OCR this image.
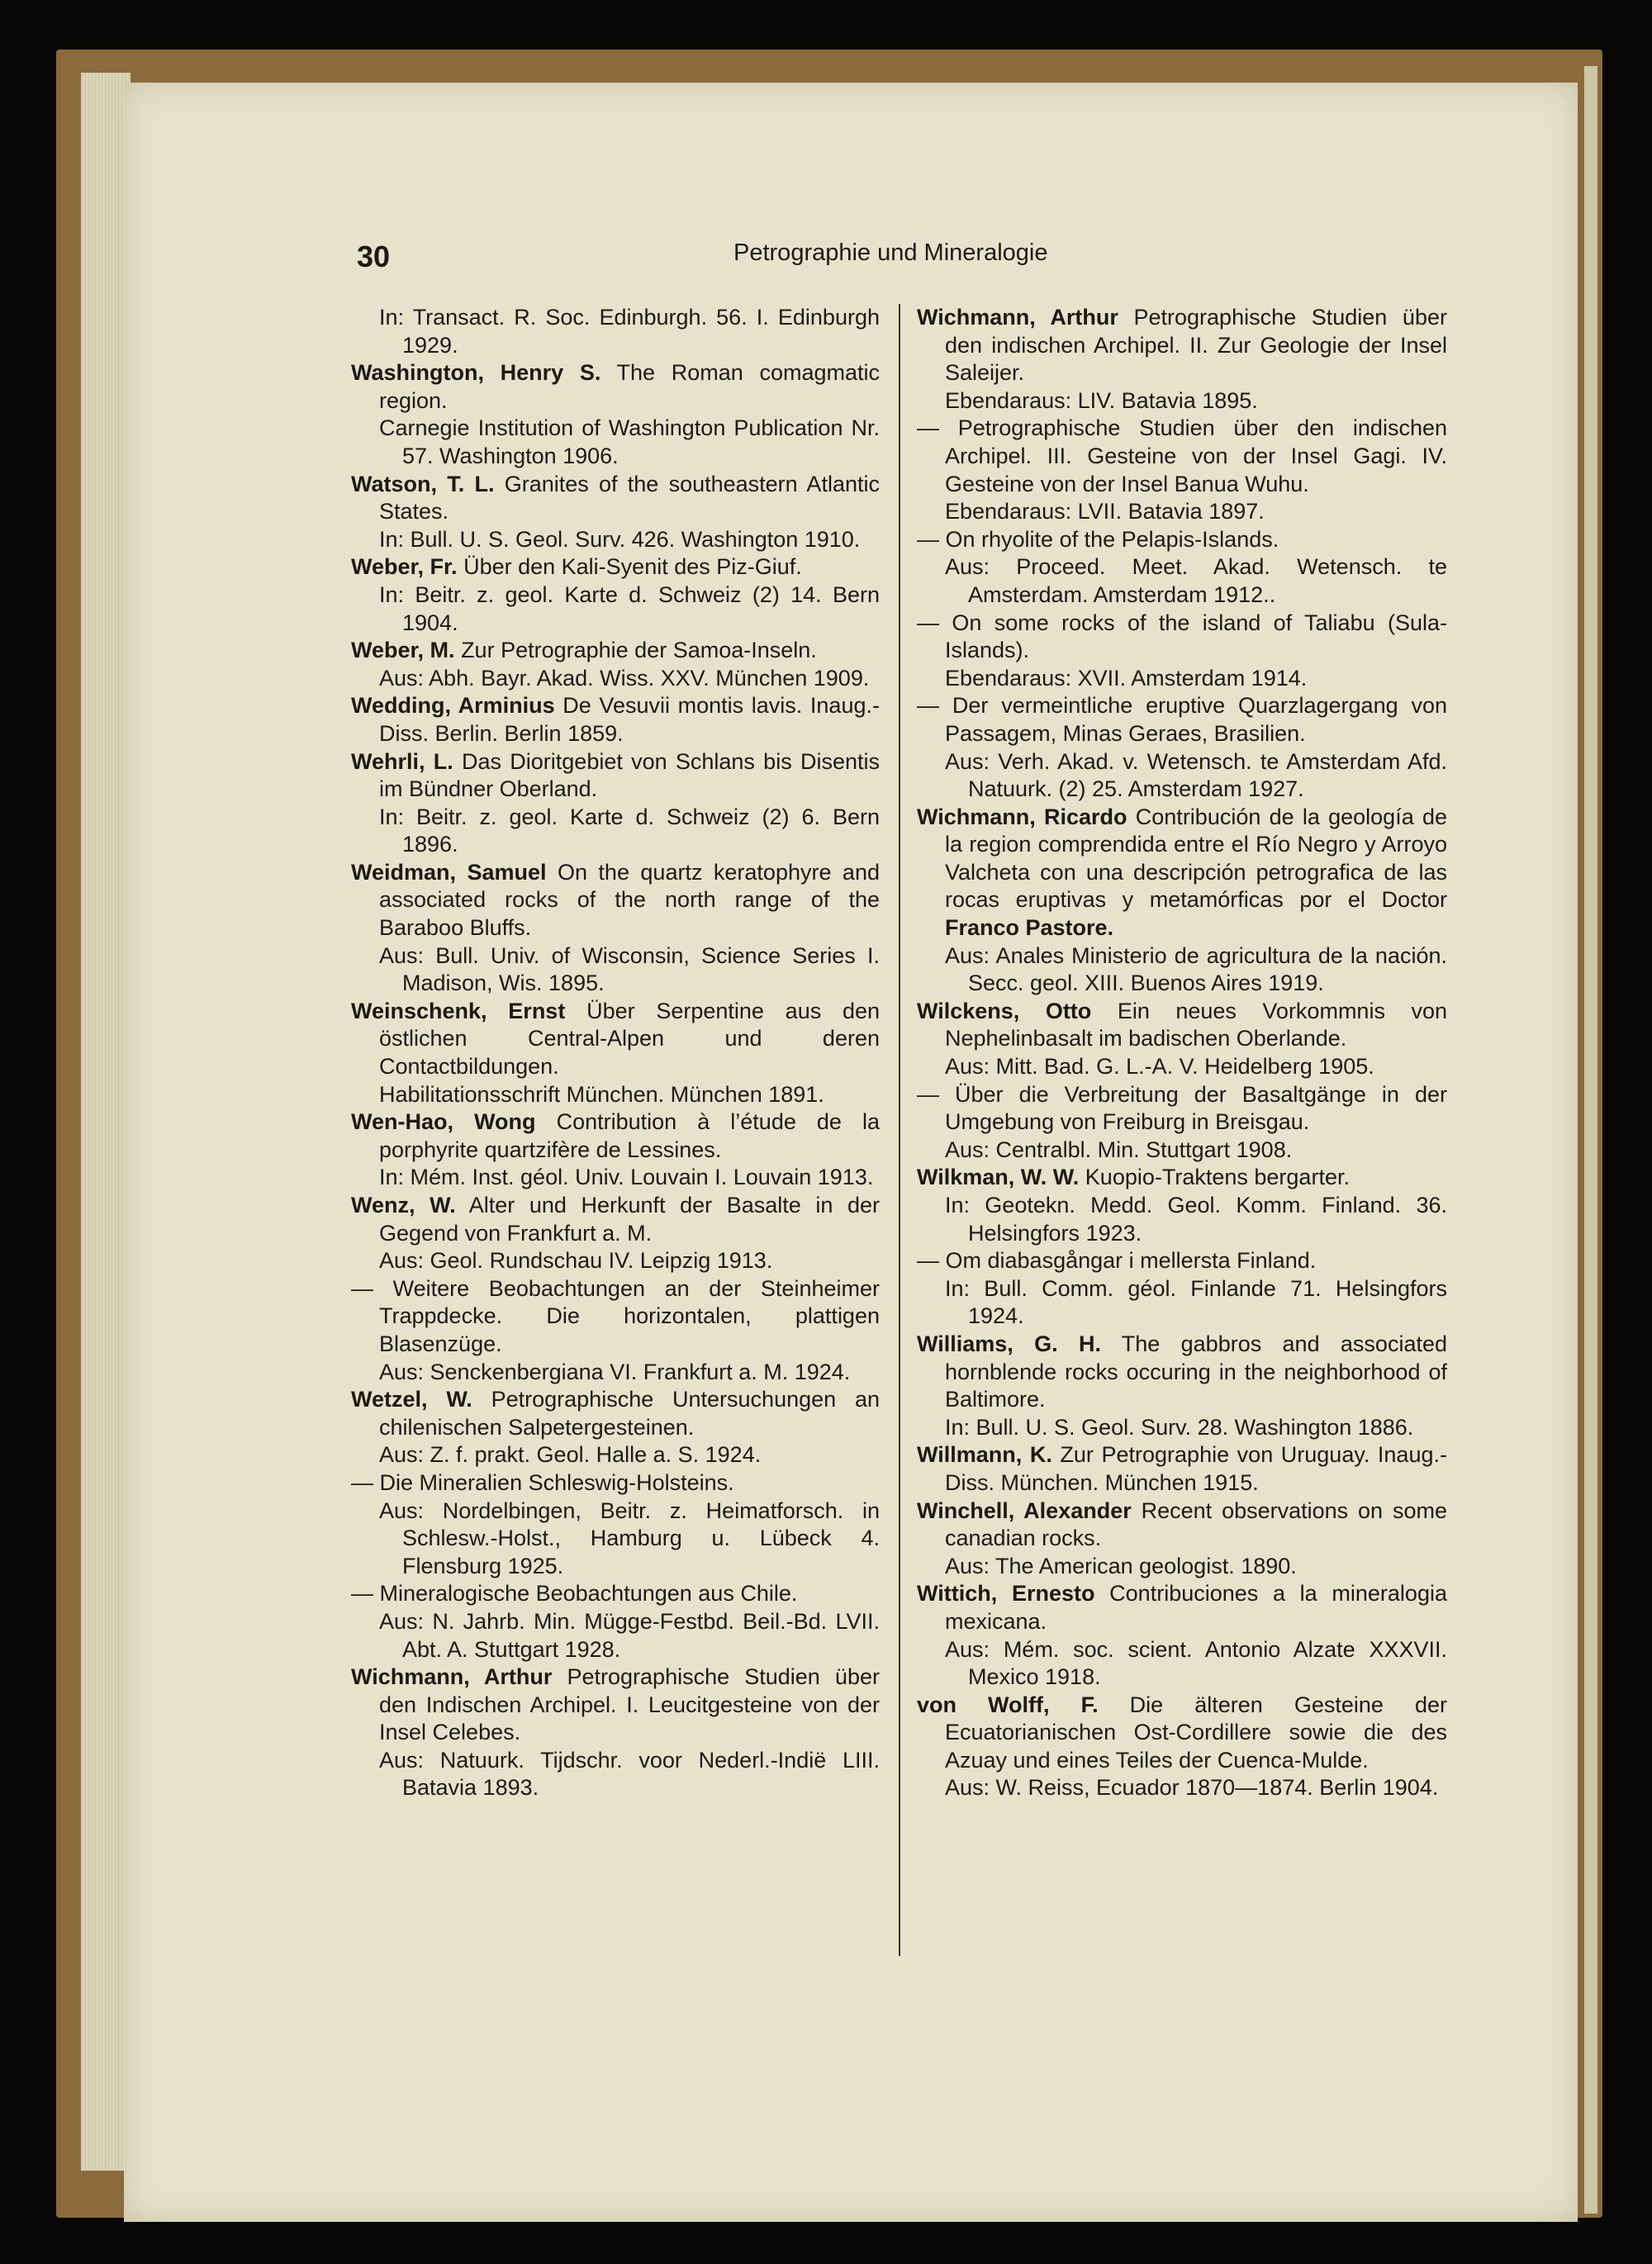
30	Petrographie und Mineralogie

In: Transact. R. Soc. Edinburgh. 56. I. Edinburgh 1929.

Washington, Henry S. The Roman comagmatic region.

Carnegie Institution of Washington Publication Nr. 57. Washington 1906.

Watson, T. L. Granites of the southeastern Atlantic States.

In: Bull. U. S. Geol. Surv. 426. Washington 1910.

Weber, Fr. Über den Kali-Syenit des Piz-Giuf.

In: Beitr. z. geol. Karte d. Schweiz (2) 14. Bern 1904.

Weber, M. Zur Petrographie der Samoa-Inseln.

Aus: Abh. Bayr. Akad. Wiss. XXV. München 1909.

Wedding, Arminius De Vesuvii montis lavis. Inaug.-Diss. Berlin. Berlin 1859.

Wehrli, L. Das Dioritgebiet von Schlans bis Disentis im Bündner Oberland.

In: Beitr. z. geol. Karte d. Schweiz (2) 6. Bern 1896.

Weidman, Samuel On the quartz keratophyre and associated rocks of the north range of the Baraboo Bluffs.

Aus: Bull. Univ. of Wisconsin, Science Series I. Madison, Wis. 1895.

Weinschenk, Ernst Über Serpentine aus den östlichen Central-Alpen und deren Contactbildungen.

Habilitationsschrift München. München 1891.

Wen-Hao, Wong Contribution à l’étude de la porphyrite quartzifère de Lessines.

In: Mém. Inst. géol. Univ. Louvain I. Louvain 1913.

Wenz, W. Alter und Herkunft der Basalte in der Gegend von Frankfurt a. M.

Aus: Geol. Rundschau IV. Leipzig 1913.

— Weitere Beobachtungen an der Steinheimer Trappdecke. Die horizontalen, plattigen Blasenzüge.

Aus: Senckenbergiana VI. Frankfurt a. M. 1924.

Wetzel, W. Petrographische Untersuchungen an chilenischen Salpetergesteinen.

Aus: Z. f. prakt. Geol. Halle a. S. 1924.

— Die Mineralien Schleswig-Holsteins.

Aus: Nordelbingen, Beitr. z. Heimatforsch. in Schlesw.-Holst., Hamburg u. Lübeck 4. Flensburg 1925.

— Mineralogische Beobachtungen aus Chile.

Aus: N. Jahrb. Min. Mügge-Festbd. Beil.-Bd. LVII. Abt. A. Stuttgart 1928.

Wichmann, Arthur Petrographische Studien über den Indischen Archipel. I. Leucitgesteine von der Insel Celebes.

Aus: Natuurk. Tijdschr. voor Nederl.-Indië LIII. Batavia 1893.

Wichmann, Arthur Petrographische Studien über den indischen Archipel. II. Zur Geologie der Insel Saleijer.

Ebendaraus: LIV. Batavia 1895.

— Petrographische Studien über den indischen Archipel. III. Gesteine von der Insel Gagi. IV. Gesteine von der Insel Banua Wuhu.

Ebendaraus: LVII. Batavia 1897.

— On rhyolite of the Pelapis-Islands.

Aus: Proceed. Meet. Akad. Wetensch. te Amsterdam. Amsterdam 1912..

— On some rocks of the island of Taliabu (Sula-Islands).

Ebendaraus: XVII. Amsterdam 1914.

— Der vermeintliche eruptive Quarzlagergang von Passagem, Minas Geraes, Brasilien.

Aus: Verh. Akad. v. Wetensch. te Amsterdam Afd. Natuurk. (2) 25. Amsterdam 1927.

Wichmann, Ricardo Contribución de la geología de la region comprendida entre el Río Negro y Arroyo Valcheta con una descripción petrografica de las rocas eruptivas y metamórficas por el Doctor Franco Pastore.

Aus: Anales Ministerio de agricultura de la nación. Secc. geol. XIII. Buenos Aires 1919.

Wilckens, Otto Ein neues Vorkommnis von Nephelinbasalt im badischen Oberlande.

Aus: Mitt. Bad. G. L.-A. V. Heidelberg 1905.

— Über die Verbreitung der Basaltgänge in der Umgebung von Freiburg in Breisgau.

Aus: Centralbl. Min. Stuttgart 1908.

Wilkman, W. W. Kuopio-Traktens bergarter.

In: Geotekn. Medd. Geol. Komm. Finland. 36. Helsingfors 1923.

— Om diabasgångar i mellersta Finland.

In: Bull. Comm. géol. Finlande 71. Helsingfors 1924.

Williams, G. H. The gabbros and associated hornblende rocks occuring in the neighborhood of Baltimore.

In: Bull. U. S. Geol. Surv. 28. Washington 1886.

Willmann, K. Zur Petrographie von Uruguay. Inaug.-Diss. München. München 1915.

Winchell, Alexander Recent observations on some canadian rocks.

Aus: The American geologist. 1890.

Wittich, Ernesto Contribuciones a la mineralogia mexicana.

Aus: Mém. soc. scient. Antonio Alzate XXXVII. Mexico 1918.

von Wolff, F. Die älteren Gesteine der Ecuatorianischen Ost-Cordillere sowie die des Azuay und eines Teiles der Cuenca-Mulde.

Aus: W. Reiss, Ecuador 1870—1874. Berlin 1904.
